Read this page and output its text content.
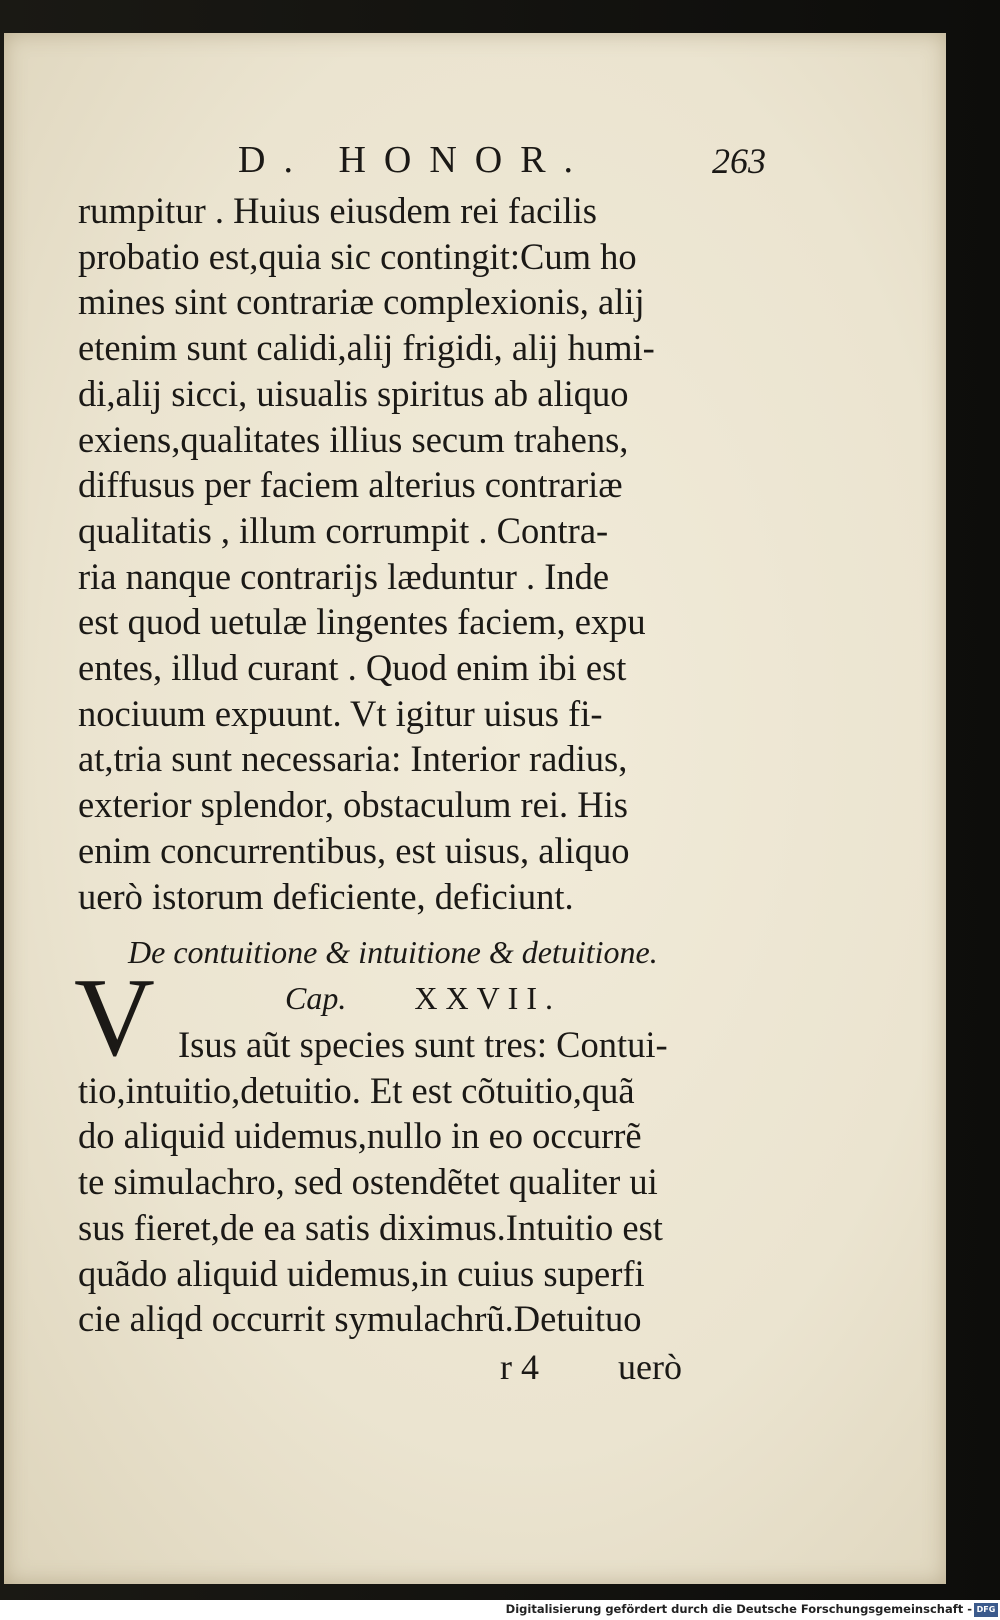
D. HONOR.	263
rumpitur . Huius eiusdem rei facilis
probatio est,quia sic contingit:Cum ho
mines sint contrariæ complexionis, alij
etenim sunt calidi,alij frigidi, alij humi-
di,alij sicci, uisualis spiritus ab aliquo
exiens,qualitates illius secum trahens,
diffusus per faciem alterius contrariæ
qualitatis , illum corrumpit . Contra-
ria nanque contrarijs læduntur . Inde
est quod uetulæ lingentes faciem, expu
entes, illud curant . Quod enim ibi est
nociuum expuunt. Vt igitur uisus fi-
at,tria sunt necessaria: Interior radius,
exterior splendor, obstaculum rei. His
enim concurrentibus, est uisus, aliquo
uerò istorum deficiente, deficiunt.
De contuitione & intuitione & detuitione.
Cap. XXVII.
V Isus aũt species sunt tres: Contui-
tio,intuitio,detuitio. Et est cõtuitio,quã
do aliquid uidemus,nullo in eo occurrẽ
te simulachro, sed ostendẽtet qualiter ui
sus fieret,de ea satis diximus.Intuitio est
quãdo aliquid uidemus,in cuius superfi
cie aliqd occurrit symulachrũ.Detuituo
r 4 uerò
Digitalisierung gefördert durch die Deutsche Forschungsgemeinschaft - DFG
